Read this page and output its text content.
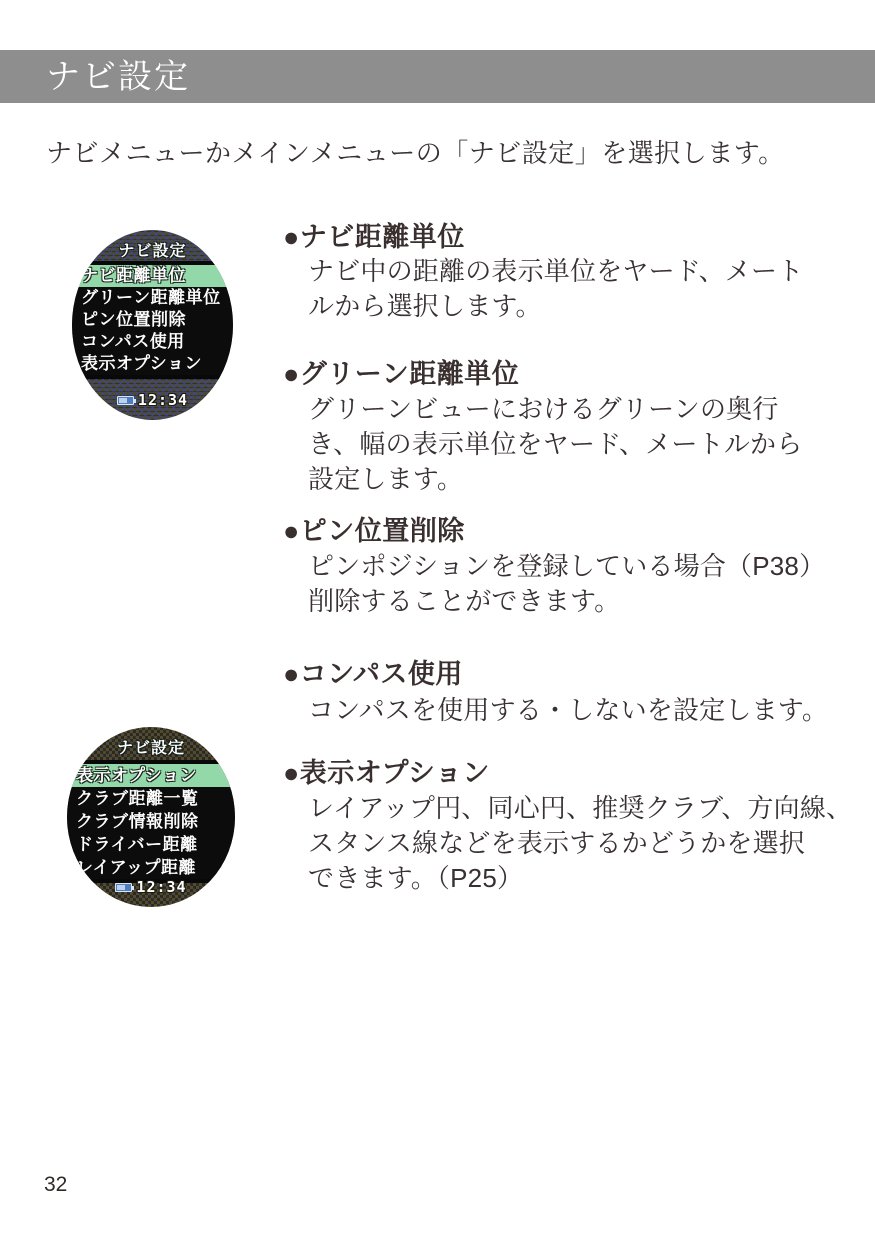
ナビ設定
ナビメニューかメインメニューの「ナビ設定」を選択します。
ナビ設定
ナビ距離単位
グリーン距離単位
ピン位置削除
コンパス使用
表示オプション
12:34
ナビ設定
表示オプション
クラブ距離一覧
クラブ情報削除
ドライバー距離
レイアップ距離
12:34
●ナビ距離単位
ナビ中の距離の表示単位をヤード、メート
ルから選択します。
●グリーン距離単位
グリーンビューにおけるグリーンの奥行
き、幅の表示単位をヤード、メートルから
設定します。
●ピン位置削除
ピンポジションを登録している場合（P38）
削除することができます。
●コンパス使用
コンパスを使用する・しないを設定します。
●表示オプション
レイアップ円、同心円、推奨クラブ、方向線、
スタンス線などを表示するかどうかを選択
できます。（P25）
32
